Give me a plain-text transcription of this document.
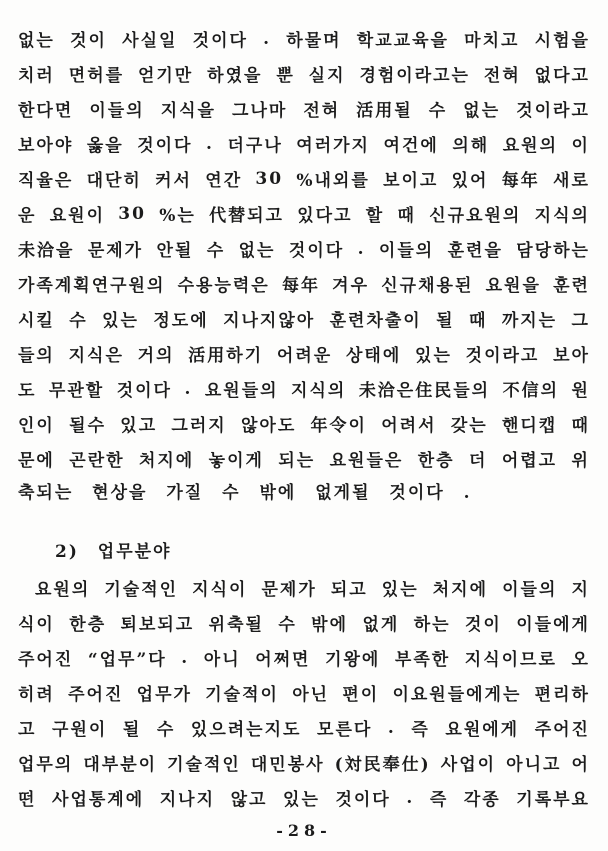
없는 것이 사실일 것이다 . 하물며 학교교육을 마치고 시험을
치러 면허를 얻기만 하였을 뿐 실지 경험이라고는 전혀 없다고
한다면 이들의 지식을 그나마 전혀 活用될 수 없는 것이라고
보아야 옳을 것이다 . 더구나 여러가지 여건에 의해 요원의 이
직율은 대단히 커서 연간 30 %내외를 보이고 있어 每年 새로
운 요원이 30 %는 代替되고 있다고 할 때 신규요원의 지식의
未洽을 문제가 안될 수 없는 것이다 . 이들의 훈련을 담당하는
가족계획연구원의 수용능력은 每年 겨우 신규채용된 요원을 훈련
시킬 수 있는 정도에 지나지않아 훈련차출이 될 때 까지는 그
들의 지식은 거의 活用하기 어려운 상태에 있는 것이라고 보아
도 무관할 것이다 . 요원들의 지식의 未洽은住民들의 不信의 원
인이 될수 있고 그러지 않아도 年令이 어려서 갖는 핸디캡 때
문에 곤란한 처지에 놓이게 되는 요원들은 한층 더 어렵고 위
축되는 현상을 가질 수 밖에 없게될 것이다 .
2) 업무분야
요원의 기술적인 지식이 문제가 되고 있는 처지에 이들의 지
식이 한층 퇴보되고 위축될 수 밖에 없게 하는 것이 이들에게
주어진 “업무”다 . 아니 어쩌면 기왕에 부족한 지식이므로 오
히려 주어진 업무가 기술적이 아닌 편이 이요원들에게는 편리하
고 구원이 될 수 있으려는지도 모른다 . 즉 요원에게 주어진
업무의 대부분이 기술적인 대민봉사 (対民奉仕) 사업이 아니고 어
떤 사업통계에 지나지 않고 있는 것이다 . 즉 각종 기록부요
-28-
